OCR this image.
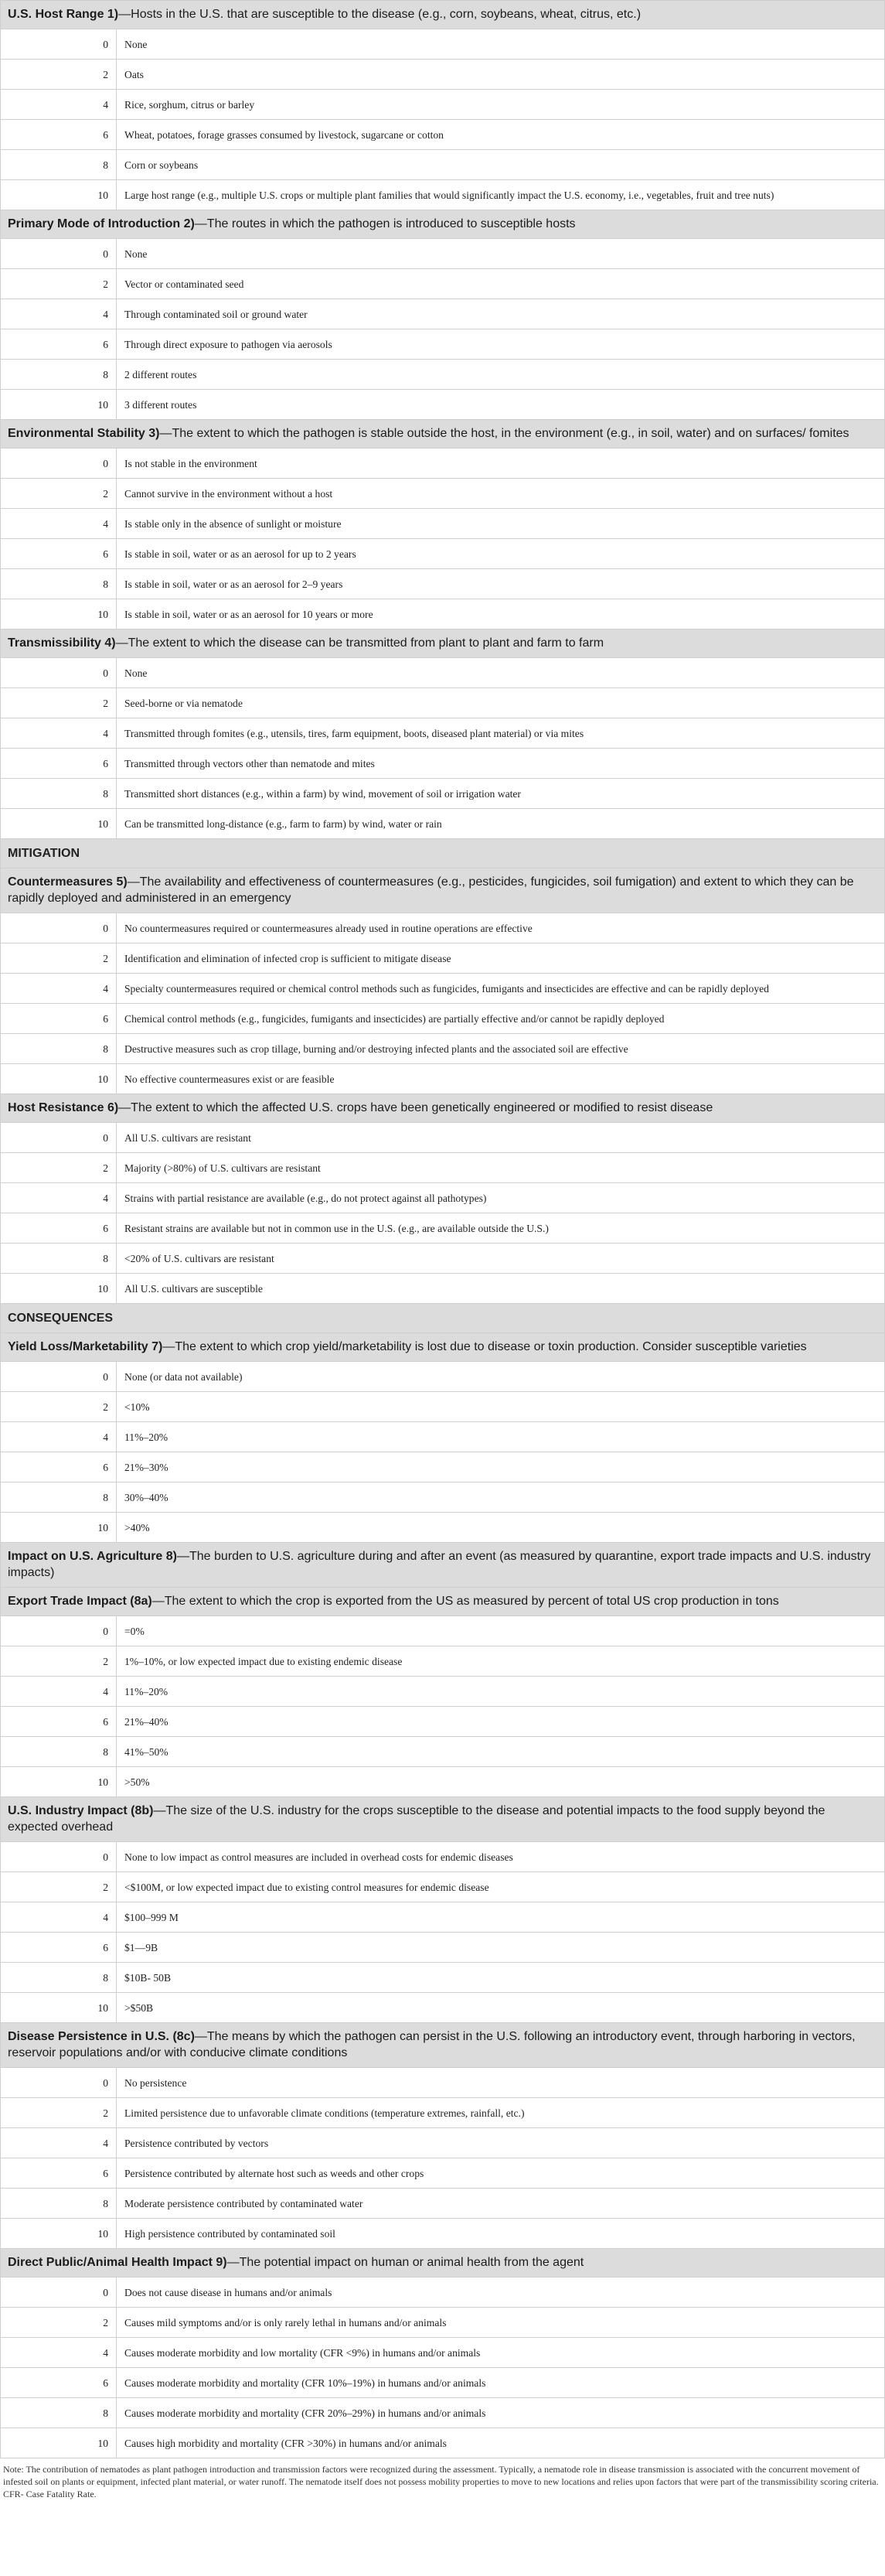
U.S. Host Range 1)—Hosts in the U.S. that are susceptible to the disease (e.g., corn, soybeans, wheat, citrus, etc.)	
0	None
2	Oats
4	Rice, sorghum, citrus or barley
6	Wheat, potatoes, forage grasses consumed by livestock, sugarcane or cotton
8	Corn or soybeans
10	Large host range (e.g., multiple U.S. crops or multiple plant families that would significantly impact the U.S. economy, i.e., vegetables, fruit and tree nuts)
Primary Mode of Introduction 2)—The routes in which the pathogen is introduced to susceptible hosts	
0	None
2	Vector or contaminated seed
4	Through contaminated soil or ground water
6	Through direct exposure to pathogen via aerosols
8	2 different routes
10	3 different routes
Environmental Stability 3)—The extent to which the pathogen is stable outside the host, in the environment (e.g., in soil, water) and on surfaces/ fomites	
0	Is not stable in the environment
2	Cannot survive in the environment without a host
4	Is stable only in the absence of sunlight or moisture
6	Is stable in soil, water or as an aerosol for up to 2 years
8	Is stable in soil, water or as an aerosol for 2–9 years
10	Is stable in soil, water or as an aerosol for 10 years or more
Transmissibility 4)—The extent to which the disease can be transmitted from plant to plant and farm to farm	
0	None
2	Seed-borne or via nematode
4	Transmitted through fomites (e.g., utensils, tires, farm equipment, boots, diseased plant material) or via mites
6	Transmitted through vectors other than nematode and mites
8	Transmitted short distances (e.g., within a farm) by wind, movement of soil or irrigation water
10	Can be transmitted long-distance (e.g., farm to farm) by wind, water or rain
MITIGATION	
Countermeasures 5)—The availability and effectiveness of countermeasures (e.g., pesticides, fungicides, soil fumigation) and extent to which they can be rapidly deployed and administered in an emergency	
0	No countermeasures required or countermeasures already used in routine operations are effective
2	Identification and elimination of infected crop is sufficient to mitigate disease
4	Specialty countermeasures required or chemical control methods such as fungicides, fumigants and insecticides are effective and can be rapidly deployed
6	Chemical control methods (e.g., fungicides, fumigants and insecticides) are partially effective and/or cannot be rapidly deployed
8	Destructive measures such as crop tillage, burning and/or destroying infected plants and the associated soil are effective
10	No effective countermeasures exist or are feasible
Host Resistance 6)—The extent to which the affected U.S. crops have been genetically engineered or modified to resist disease	
0	All U.S. cultivars are resistant
2	Majority (>80%) of U.S. cultivars are resistant
4	Strains with partial resistance are available (e.g., do not protect against all pathotypes)
6	Resistant strains are available but not in common use in the U.S. (e.g., are available outside the U.S.)
8	<20% of U.S. cultivars are resistant
10	All U.S. cultivars are susceptible
CONSEQUENCES	
Yield Loss/Marketability 7)—The extent to which crop yield/marketability is lost due to disease or toxin production. Consider susceptible varieties	
0	None (or data not available)
2	<10%
4	11%–20%
6	21%–30%
8	30%–40%
10	>40%
Impact on U.S. Agriculture 8)—The burden to U.S. agriculture during and after an event (as measured by quarantine, export trade impacts and U.S. industry impacts)	
Export Trade Impact (8a)—The extent to which the crop is exported from the US as measured by percent of total US crop production in tons	
0	=0%
2	1%–10%, or low expected impact due to existing endemic disease
4	11%–20%
6	21%–40%
8	41%–50%
10	>50%
U.S. Industry Impact (8b)—The size of the U.S. industry for the crops susceptible to the disease and potential impacts to the food supply beyond the expected overhead	
0	None to low impact as control measures are included in overhead costs for endemic diseases
2	<$100M, or low expected impact due to existing control measures for endemic disease
4	$100–999 M
6	$1—9B
8	$10B- 50B
10	>$50B
Disease Persistence in U.S. (8c)—The means by which the pathogen can persist in the U.S. following an introductory event, through harboring in vectors, reservoir populations and/or with conducive climate conditions	
0	No persistence
2	Limited persistence due to unfavorable climate conditions (temperature extremes, rainfall, etc.)
4	Persistence contributed by vectors
6	Persistence contributed by alternate host such as weeds and other crops
8	Moderate persistence contributed by contaminated water
10	High persistence contributed by contaminated soil
Direct Public/Animal Health Impact 9)—The potential impact on human or animal health from the agent	
0	Does not cause disease in humans and/or animals
2	Causes mild symptoms and/or is only rarely lethal in humans and/or animals
4	Causes moderate morbidity and low mortality (CFR <9%) in humans and/or animals
6	Causes moderate morbidity and mortality (CFR 10%–19%) in humans and/or animals
8	Causes moderate morbidity and mortality (CFR 20%–29%) in humans and/or animals
10	Causes high morbidity and mortality (CFR >30%) in humans and/or animals
Note: The contribution of nematodes as plant pathogen introduction and transmission factors were recognized during the assessment. Typically, a nematode role in disease transmission is associated with the concurrent movement of infested soil on plants or equipment, infected plant material, or water runoff. The nematode itself does not possess mobility properties to move to new locations and relies upon factors that were part of the transmissibility scoring criteria. CFR- Case Fatality Rate.
